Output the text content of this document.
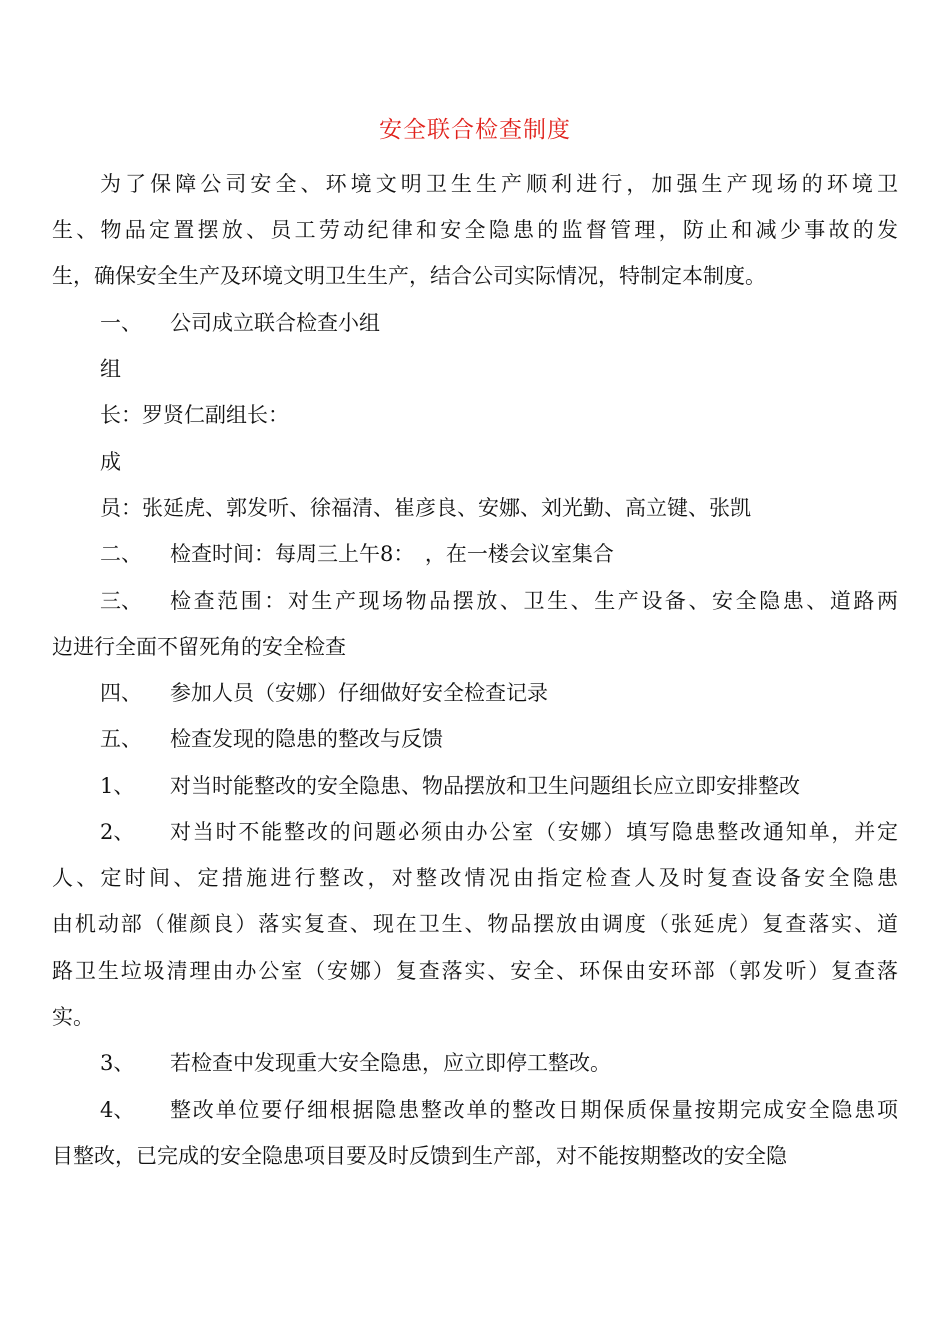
安全联合检查制度
为了保障公司安全、环境文明卫生生产顺利进行，加强生产现场的环境卫
生、物品定置摆放、员工劳动纪律和安全隐患的监督管理，防止和减少事故的发
生，确保安全生产及环境文明卫生生产，结合公司实际情况，特制定本制度。
一、 公司成立联合检查小组
组
长：罗贤仁副组长：
成
员：张延虎、郭发听、徐福清、崔彦良、安娜、刘光勤、高立键、张凯
二、 检查时间：每周三上午8：　，在一楼会议室集合
三、 检查范围：对生产现场物品摆放、卫生、生产设备、安全隐患、道路两
边进行全面不留死角的安全检查
四、 参加人员（安娜）仔细做好安全检查记录
五、 检查发现的隐患的整改与反馈
1、 对当时能整改的安全隐患、物品摆放和卫生问题组长应立即安排整改
2、 对当时不能整改的问题必须由办公室（安娜）填写隐患整改通知单，并定
人、定时间、定措施进行整改，对整改情况由指定检查人及时复查设备安全隐患
由机动部（催颜良）落实复查、现在卫生、物品摆放由调度（张延虎）复查落实、道
路卫生垃圾清理由办公室（安娜）复查落实、安全、环保由安环部（郭发听）复查落
实。
3、 若检查中发现重大安全隐患，应立即停工整改。
4、 整改单位要仔细根据隐患整改单的整改日期保质保量按期完成安全隐患项
目整改，已完成的安全隐患项目要及时反馈到生产部，对不能按期整改的安全隐
